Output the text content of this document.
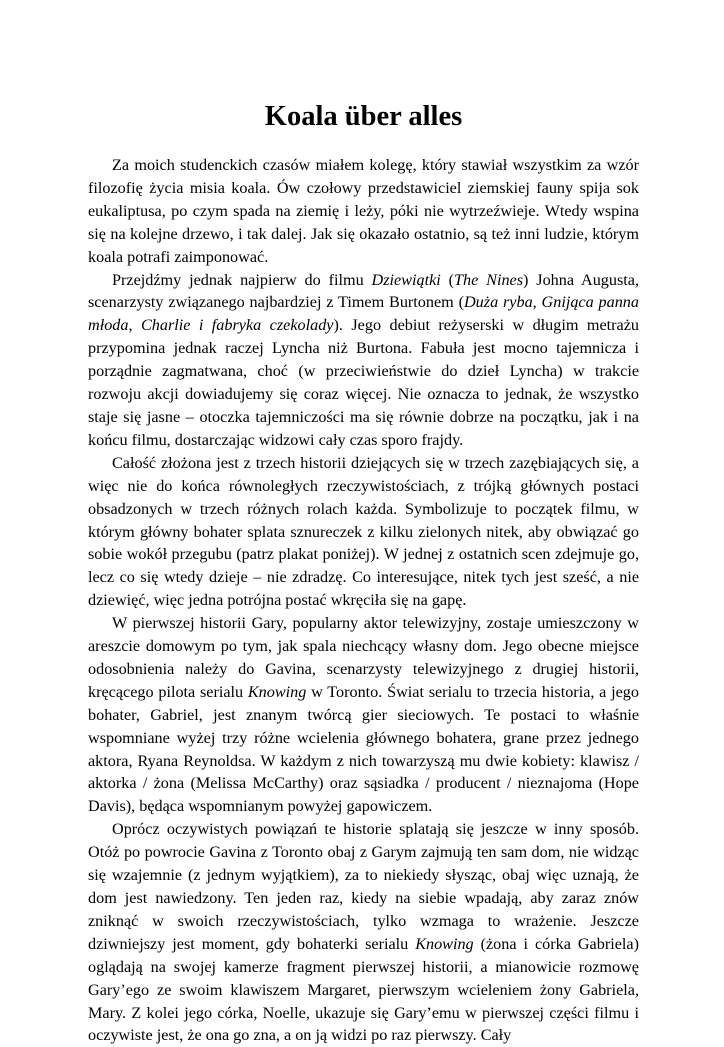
Koala über alles

Za moich studenckich czasów miałem kolegę, który stawiał wszystkim za wzór filozofię życia misia koala. Ów czołowy przedstawiciel ziemskiej fauny spija sok eukaliptusa, po czym spada na ziemię i leży, póki nie wytrzeźwieje. Wtedy wspina się na kolejne drzewo, i tak dalej. Jak się okazało ostatnio, są też inni ludzie, którym koala potrafi zaimponować.

Przejdźmy jednak najpierw do filmu Dziewiątki (The Nines) Johna Augusta, scenarzysty związanego najbardziej z Timem Burtonem (Duża ryba, Gnijąca panna młoda, Charlie i fabryka czekolady). Jego debiut reżyserski w długim metrażu przypomina jednak raczej Lyncha niż Burtona. Fabuła jest mocno tajemnicza i porządnie zagmatwana, choć (w przeciwieństwie do dzieł Lyncha) w trakcie rozwoju akcji dowiadujemy się coraz więcej. Nie oznacza to jednak, że wszystko staje się jasne – otoczka tajemniczości ma się równie dobrze na początku, jak i na końcu filmu, dostarczając widzowi cały czas sporo frajdy.

Całość złożona jest z trzech historii dziejących się w trzech zazębiających się, a więc nie do końca równoległych rzeczywistościach, z trójką głównych postaci obsadzonych w trzech różnych rolach każda. Symbolizuje to początek filmu, w którym główny bohater splata sznureczek z kilku zielonych nitek, aby obwiązać go sobie wokół przegubu (patrz plakat poniżej). W jednej z ostatnich scen zdejmuje go, lecz co się wtedy dzieje – nie zdradzę. Co interesujące, nitek tych jest sześć, a nie dziewięć, więc jedna potrójna postać wkręciła się na gapę.

W pierwszej historii Gary, popularny aktor telewizyjny, zostaje umieszczony w areszcie domowym po tym, jak spala niechcący własny dom. Jego obecne miejsce odosobnienia należy do Gavina, scenarzysty telewizyjnego z drugiej historii, kręcącego pilota serialu Knowing w Toronto. Świat serialu to trzecia historia, a jego bohater, Gabriel, jest znanym twórcą gier sieciowych. Te postaci to właśnie wspomniane wyżej trzy różne wcielenia głównego bohatera, grane przez jednego aktora, Ryana Reynoldsa. W każdym z nich towarzyszą mu dwie kobiety: klawisz / aktorka / żona (Melissa McCarthy) oraz sąsiadka / producent / nieznajoma (Hope Davis), będąca wspomnianym powyżej gapowiczem.

Oprócz oczywistych powiązań te historie splatają się jeszcze w inny sposób. Otóż po powrocie Gavina z Toronto obaj z Garym zajmują ten sam dom, nie widząc się wzajemnie (z jednym wyjątkiem), za to niekiedy słysząc, obaj więc uznają, że dom jest nawiedzony. Ten jeden raz, kiedy na siebie wpadają, aby zaraz znów zniknąć w swoich rzeczywistościach, tylko wzmaga to wrażenie. Jeszcze dziwniejszy jest moment, gdy bohaterki serialu Knowing (żona i córka Gabriela) oglądają na swojej kamerze fragment pierwszej historii, a mianowicie rozmowę Gary’ego ze swoim klawiszem Margaret, pierwszym wcieleniem żony Gabriela, Mary. Z kolei jego córka, Noelle, ukazuje się Gary’emu w pierwszej części filmu i oczywiste jest, że ona go zna, a on ją widzi po raz pierwszy. Cały
